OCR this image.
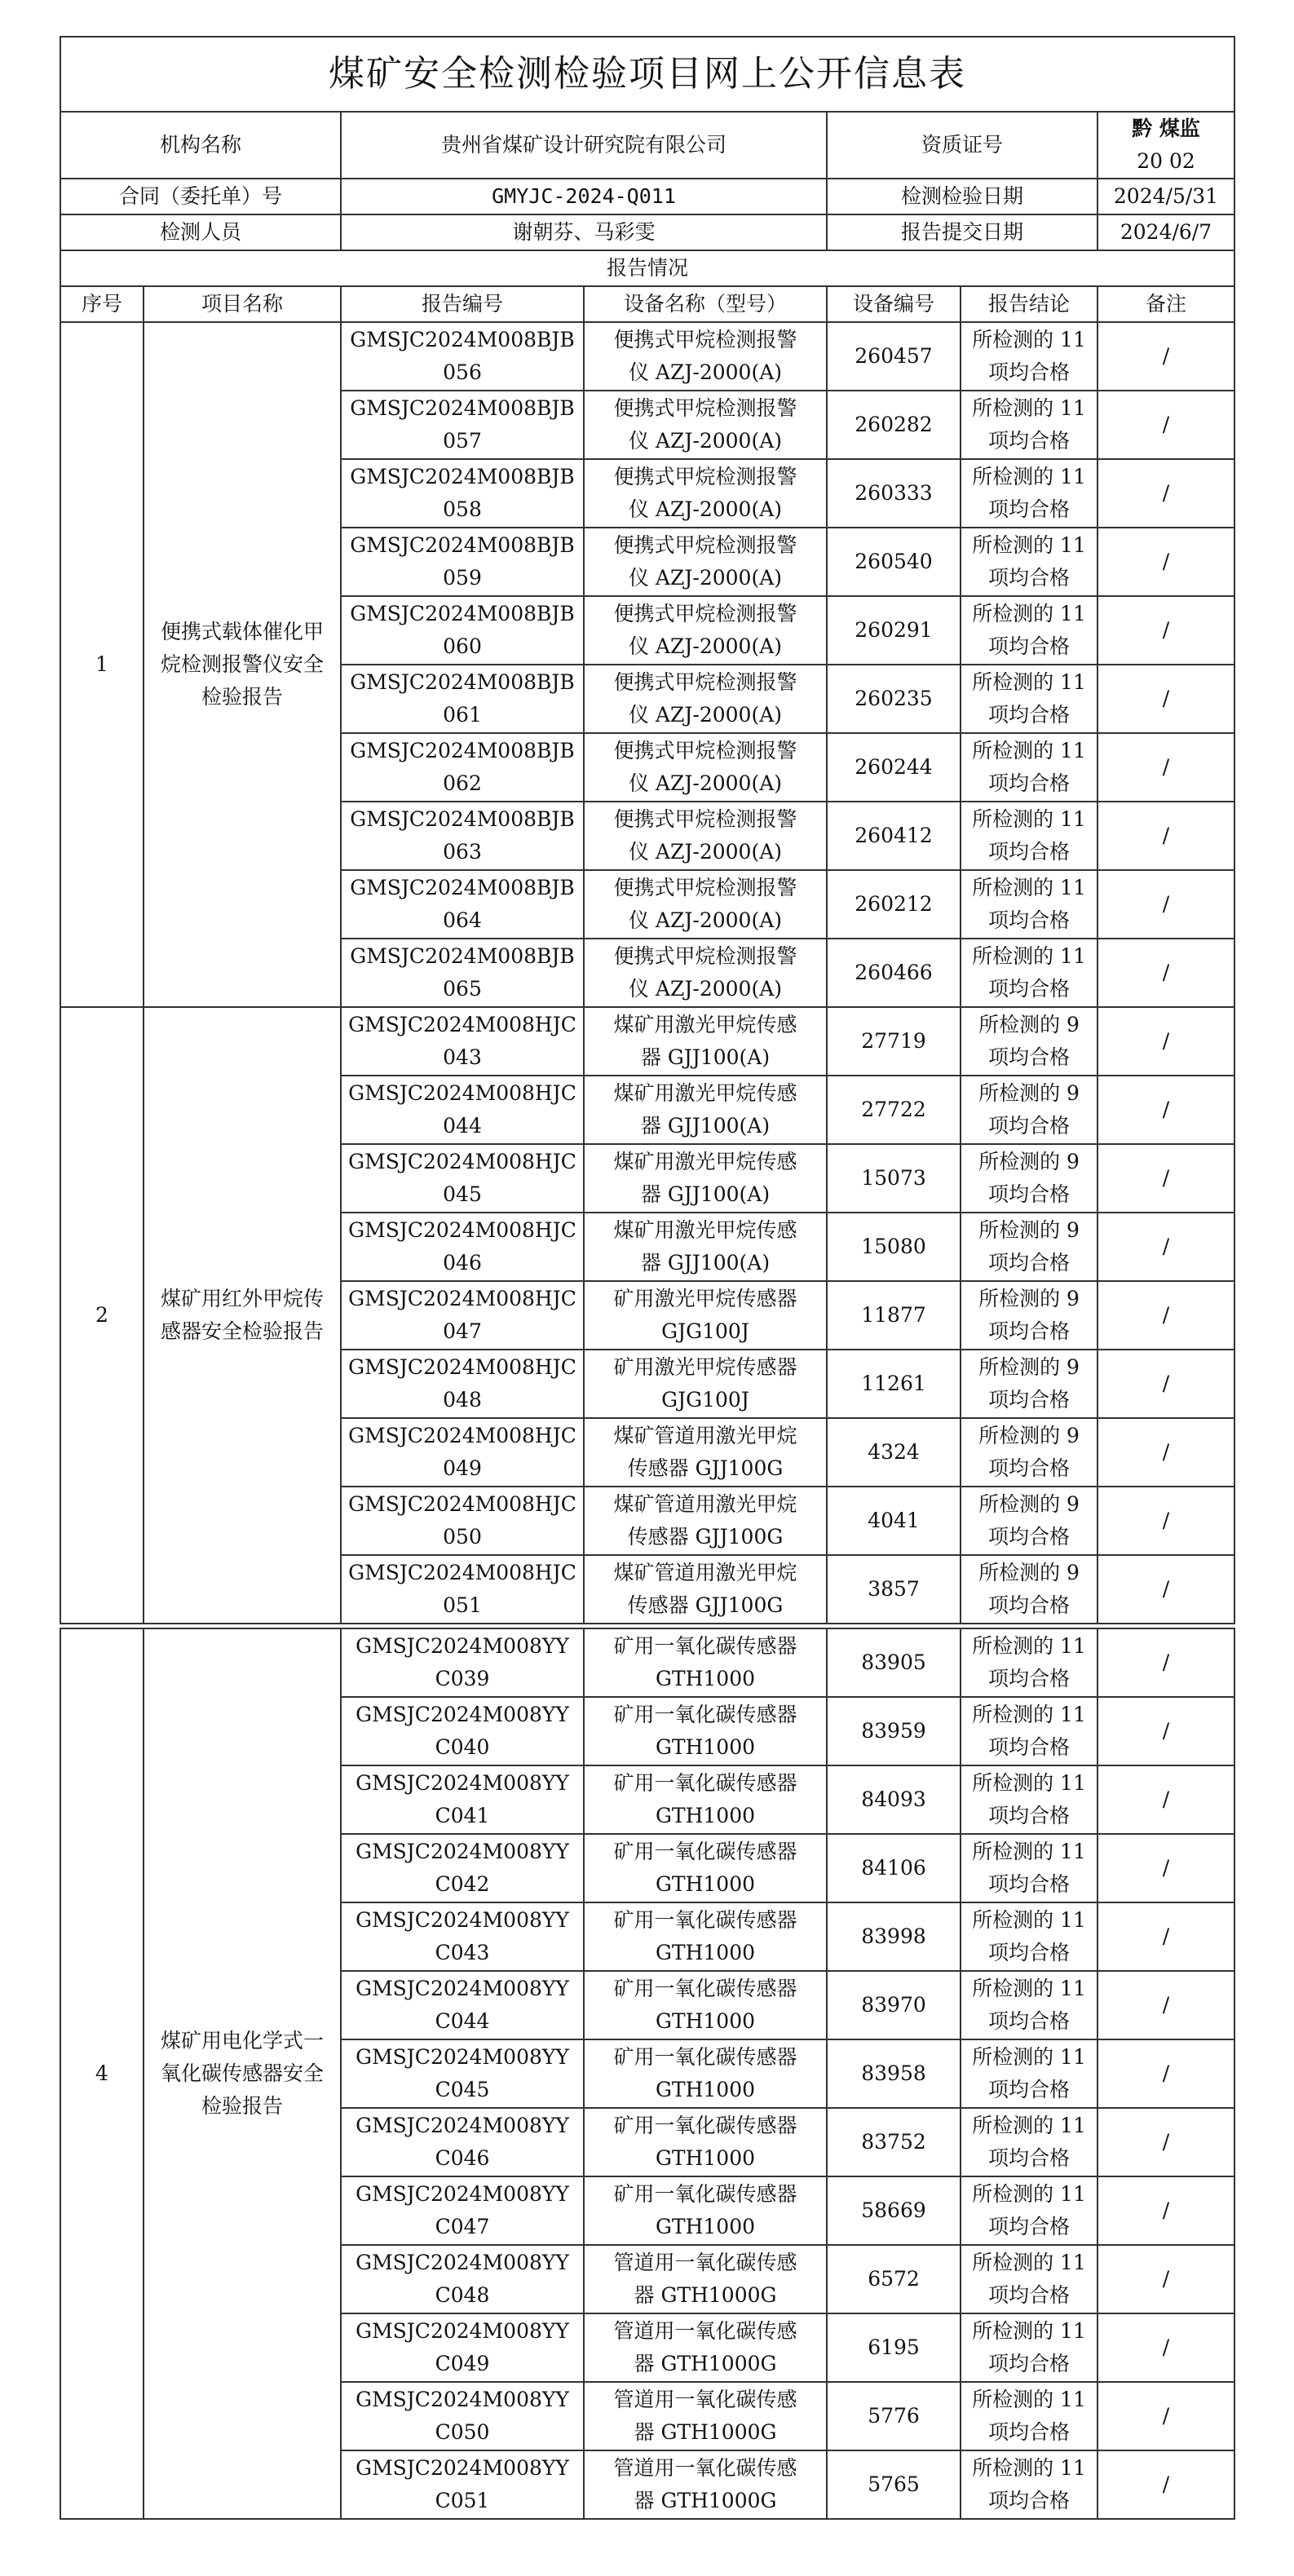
煤矿安全检测检验项目网上公开信息表						
机构名称		贵州省煤矿设计研究院有限公司		资质证号		黔 煤监
20 02

合同（委托单）号		GMYJC-2024-Q011		检测检验日期		2024/5/31
检测人员		谢朝芬、马彩雯		报告提交日期		2024/6/7
报告情况						
序号	项目名称	报告编号	设备名称（型号）	设备编号	报告结论	备注
1	便携式载体催化甲烷检测报警仪安全检验报告	GMSJC2024M008BJB
056	便携式甲烷检测报警
仪 AZJ-2000(A)	260457	所检测的 11
项均合格	/

		GMSJC2024M008BJB
057	便携式甲烷检测报警
仪 AZJ-2000(A)	260282	所检测的 11
项均合格	/

		GMSJC2024M008BJB
058	便携式甲烷检测报警
仪 AZJ-2000(A)	260333	所检测的 11
项均合格	/

		GMSJC2024M008BJB
059	便携式甲烷检测报警
仪 AZJ-2000(A)	260540	所检测的 11
项均合格	/

		GMSJC2024M008BJB
060	便携式甲烷检测报警
仪 AZJ-2000(A)	260291	所检测的 11
项均合格	/

		GMSJC2024M008BJB
061	便携式甲烷检测报警
仪 AZJ-2000(A)	260235	所检测的 11
项均合格	/

		GMSJC2024M008BJB
062	便携式甲烷检测报警
仪 AZJ-2000(A)	260244	所检测的 11
项均合格	/

		GMSJC2024M008BJB
063	便携式甲烷检测报警
仪 AZJ-2000(A)	260412	所检测的 11
项均合格	/

		GMSJC2024M008BJB
064	便携式甲烷检测报警
仪 AZJ-2000(A)	260212	所检测的 11
项均合格	/

		GMSJC2024M008BJB
065	便携式甲烷检测报警
仪 AZJ-2000(A)	260466	所检测的 11
项均合格	/
2	煤矿用红外甲烷传感器安全检验报告	GMSJC2024M008HJC
043	煤矿用激光甲烷传感
器 GJJ100(A)	27719	所检测的 9
项均合格	/

		GMSJC2024M008HJC
044	煤矿用激光甲烷传感
器 GJJ100(A)	27722	所检测的 9
项均合格	/

		GMSJC2024M008HJC
045	煤矿用激光甲烷传感
器 GJJ100(A)	15073	所检测的 9
项均合格	/

		GMSJC2024M008HJC
046	煤矿用激光甲烷传感
器 GJJ100(A)	15080	所检测的 9
项均合格	/

		GMSJC2024M008HJC
047	矿用激光甲烷传感器
GJG100J	11877	所检测的 9
项均合格	/

		GMSJC2024M008HJC
048	矿用激光甲烷传感器
GJG100J	11261	所检测的 9
项均合格	/

		GMSJC2024M008HJC
049	煤矿管道用激光甲烷
传感器 GJJ100G	4324	所检测的 9
项均合格	/

		GMSJC2024M008HJC
050	煤矿管道用激光甲烷
传感器 GJJ100G	4041	所检测的 9
项均合格	/

		GMSJC2024M008HJC
051	煤矿管道用激光甲烷
传感器 GJJ100G	3857	所检测的 9
项均合格	/

4	煤矿用电化学式一氧化碳传感器安全检验报告	GMSJC2024M008YY
C039	矿用一氧化碳传感器
GTH1000	83905	所检测的 11
项均合格	/

		GMSJC2024M008YY
C040	矿用一氧化碳传感器
GTH1000	83959	所检测的 11
项均合格	/

		GMSJC2024M008YY
C041	矿用一氧化碳传感器
GTH1000	84093	所检测的 11
项均合格	/

		GMSJC2024M008YY
C042	矿用一氧化碳传感器
GTH1000	84106	所检测的 11
项均合格	/

		GMSJC2024M008YY
C043	矿用一氧化碳传感器
GTH1000	83998	所检测的 11
项均合格	/

		GMSJC2024M008YY
C044	矿用一氧化碳传感器
GTH1000	83970	所检测的 11
项均合格	/

		GMSJC2024M008YY
C045	矿用一氧化碳传感器
GTH1000	83958	所检测的 11
项均合格	/

		GMSJC2024M008YY
C046	矿用一氧化碳传感器
GTH1000	83752	所检测的 11
项均合格	/

		GMSJC2024M008YY
C047	矿用一氧化碳传感器
GTH1000	58669	所检测的 11
项均合格	/

		GMSJC2024M008YY
C048	管道用一氧化碳传感
器 GTH1000G	6572	所检测的 11
项均合格	/

		GMSJC2024M008YY
C049	管道用一氧化碳传感
器 GTH1000G	6195	所检测的 11
项均合格	/

		GMSJC2024M008YY
C050	管道用一氧化碳传感
器 GTH1000G	5776	所检测的 11
项均合格	/

		GMSJC2024M008YY
C051	管道用一氧化碳传感
器 GTH1000G	5765	所检测的 11
项均合格	/
